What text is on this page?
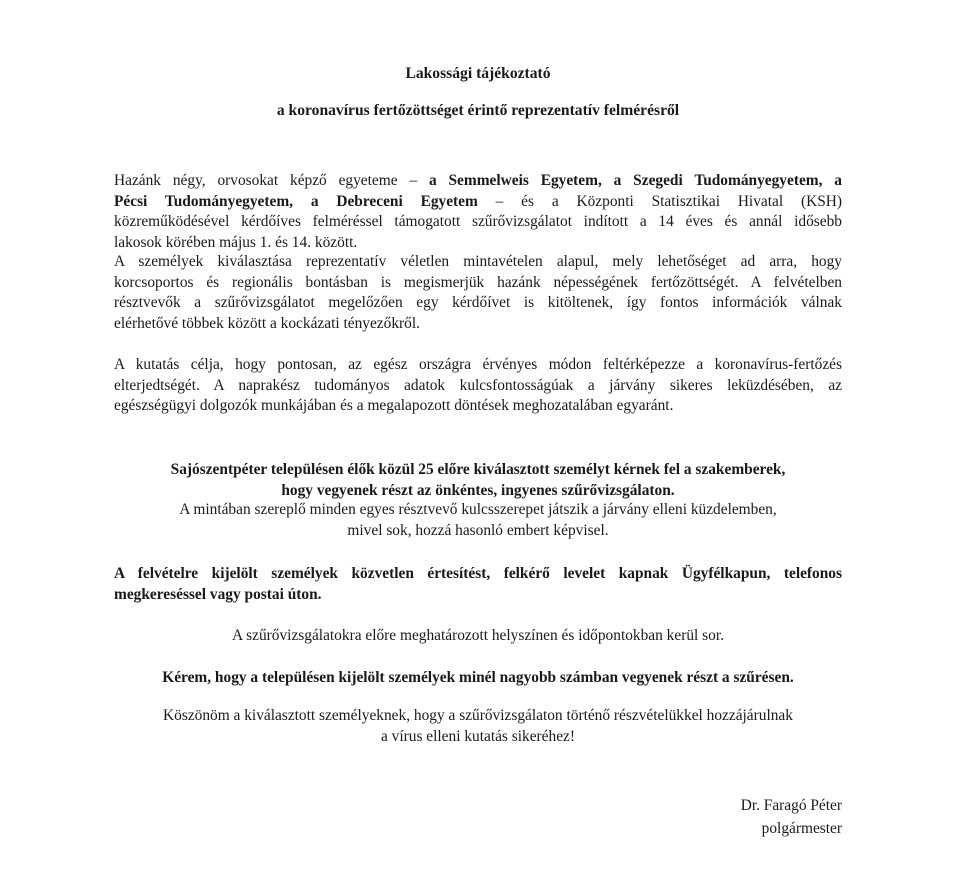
Lakossági tájékoztató
a koronavírus fertőzöttséget érintő reprezentatív felmérésről
Hazánk négy, orvosokat képző egyeteme – a Semmelweis Egyetem, a Szegedi Tudományegyetem, a
Pécsi Tudományegyetem, a Debreceni Egyetem – és a Központi Statisztikai Hivatal (KSH)
közreműködésével kérdőíves felméréssel támogatott szűrővizsgálatot indított a 14 éves és annál idősebb
lakosok körében május 1. és 14. között.
A személyek kiválasztása reprezentatív véletlen mintavételen alapul, mely lehetőséget ad arra, hogy
korcsoportos és regionális bontásban is megismerjük hazánk népességének fertőzöttségét. A felvételben
résztvevők a szűrővizsgálatot megelőzően egy kérdőívet is kitöltenek, így fontos információk válnak
elérhetővé többek között a kockázati tényezőkről.
A kutatás célja, hogy pontosan, az egész országra érvényes módon feltérképezze a koronavírus-fertőzés
elterjedtségét. A naprakész tudományos adatok kulcsfontosságúak a járvány sikeres leküzdésében, az
egészségügyi dolgozók munkájában és a megalapozott döntések meghozatalában egyaránt.
Sajószentpéter településen élők közül 25 előre kiválasztott személyt kérnek fel a szakemberek,
hogy vegyenek részt az önkéntes, ingyenes szűrővizsgálaton.
A mintában szereplő minden egyes résztvevő kulcsszerepet játszik a járvány elleni küzdelemben,
mivel sok, hozzá hasonló embert képvisel.
A felvételre kijelölt személyek közvetlen értesítést, felkérő levelet kapnak Ügyfélkapun, telefonos
megkereséssel vagy postai úton.
A szűrővizsgálatokra előre meghatározott helyszínen és időpontokban kerül sor.
Kérem, hogy a településen kijelölt személyek minél nagyobb számban vegyenek részt a szűrésen.
Köszönöm a kiválasztott személyeknek, hogy a szűrővizsgálaton történő részvételükkel hozzájárulnak
a vírus elleni kutatás sikeréhez!
Dr. Faragó Péter
polgármester
